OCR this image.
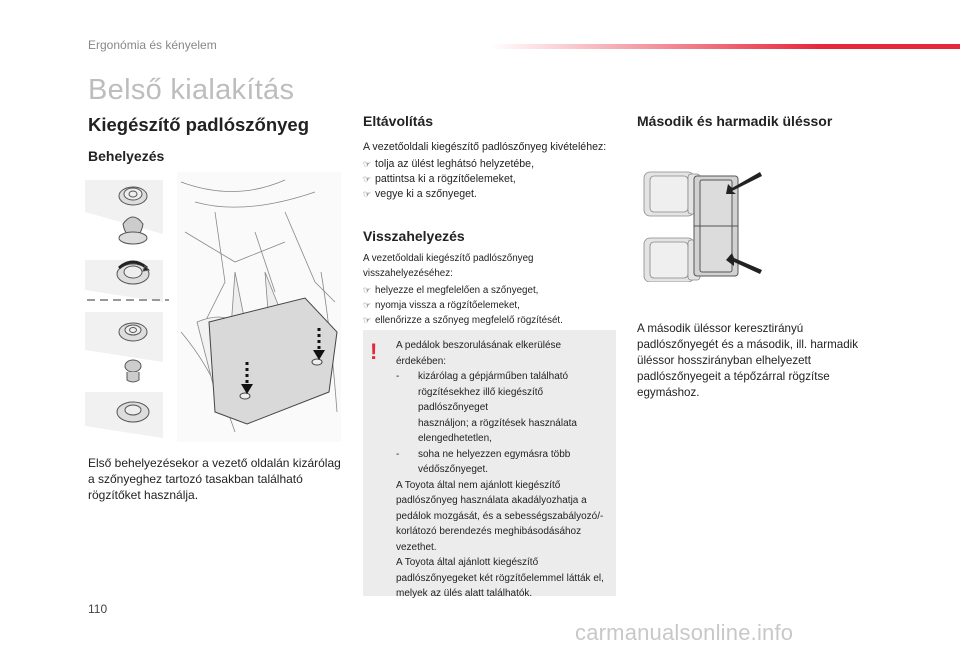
Ergonómia és kényelem
Belső kialakítás
Kiegészítő padlószőnyeg
Behelyezés
Első behelyezésekor a vezető oldalán kizárólag
a szőnyeghez tartozó tasakban található
rögzítőket használja.
Eltávolítás
A vezetőoldali kiegészítő padlószőnyeg kivételéhez:
☞ tolja az ülést leghátsó helyzetébe,
☞ pattintsa ki a rögzítőelemeket,
☞ vegye ki a szőnyeget.
Visszahelyezés
A vezetőoldali kiegészítő padlószőnyeg visszahelyezéséhez:
☞ helyezze el megfelelően a szőnyeget,
☞ nyomja vissza a rögzítőelemeket,
☞ ellenőrizze a szőnyeg megfelelő rögzítését.
! A pedálok beszorulásának elkerülése érdekében:
- kizárólag a gépjárműben található
rögzítésekhez illő kiegészítő padlószőnyeget
használjon; a rögzítések használata
elengedhetetlen,
- soha ne helyezzen egymásra több
védőszőnyeget.
A Toyota által nem ajánlott kiegészítő
padlószőnyeg használata akadályozhatja a
pedálok mozgását, és a sebességszabályozó/-
korlátozó berendezés meghibásodásához
vezethet.
A Toyota által ajánlott kiegészítő
padlószőnyegeket két rögzítőelemmel látták el,
melyek az ülés alatt találhatók.
Második és harmadik üléssor
A második üléssor keresztirányú
padlószőnyegét és a második, ill. harmadik
üléssor hosszirányban elhelyezett
padlószőnyegeit a tépőzárral rögzítse
egymáshoz.
110
carmanualsonline.info
